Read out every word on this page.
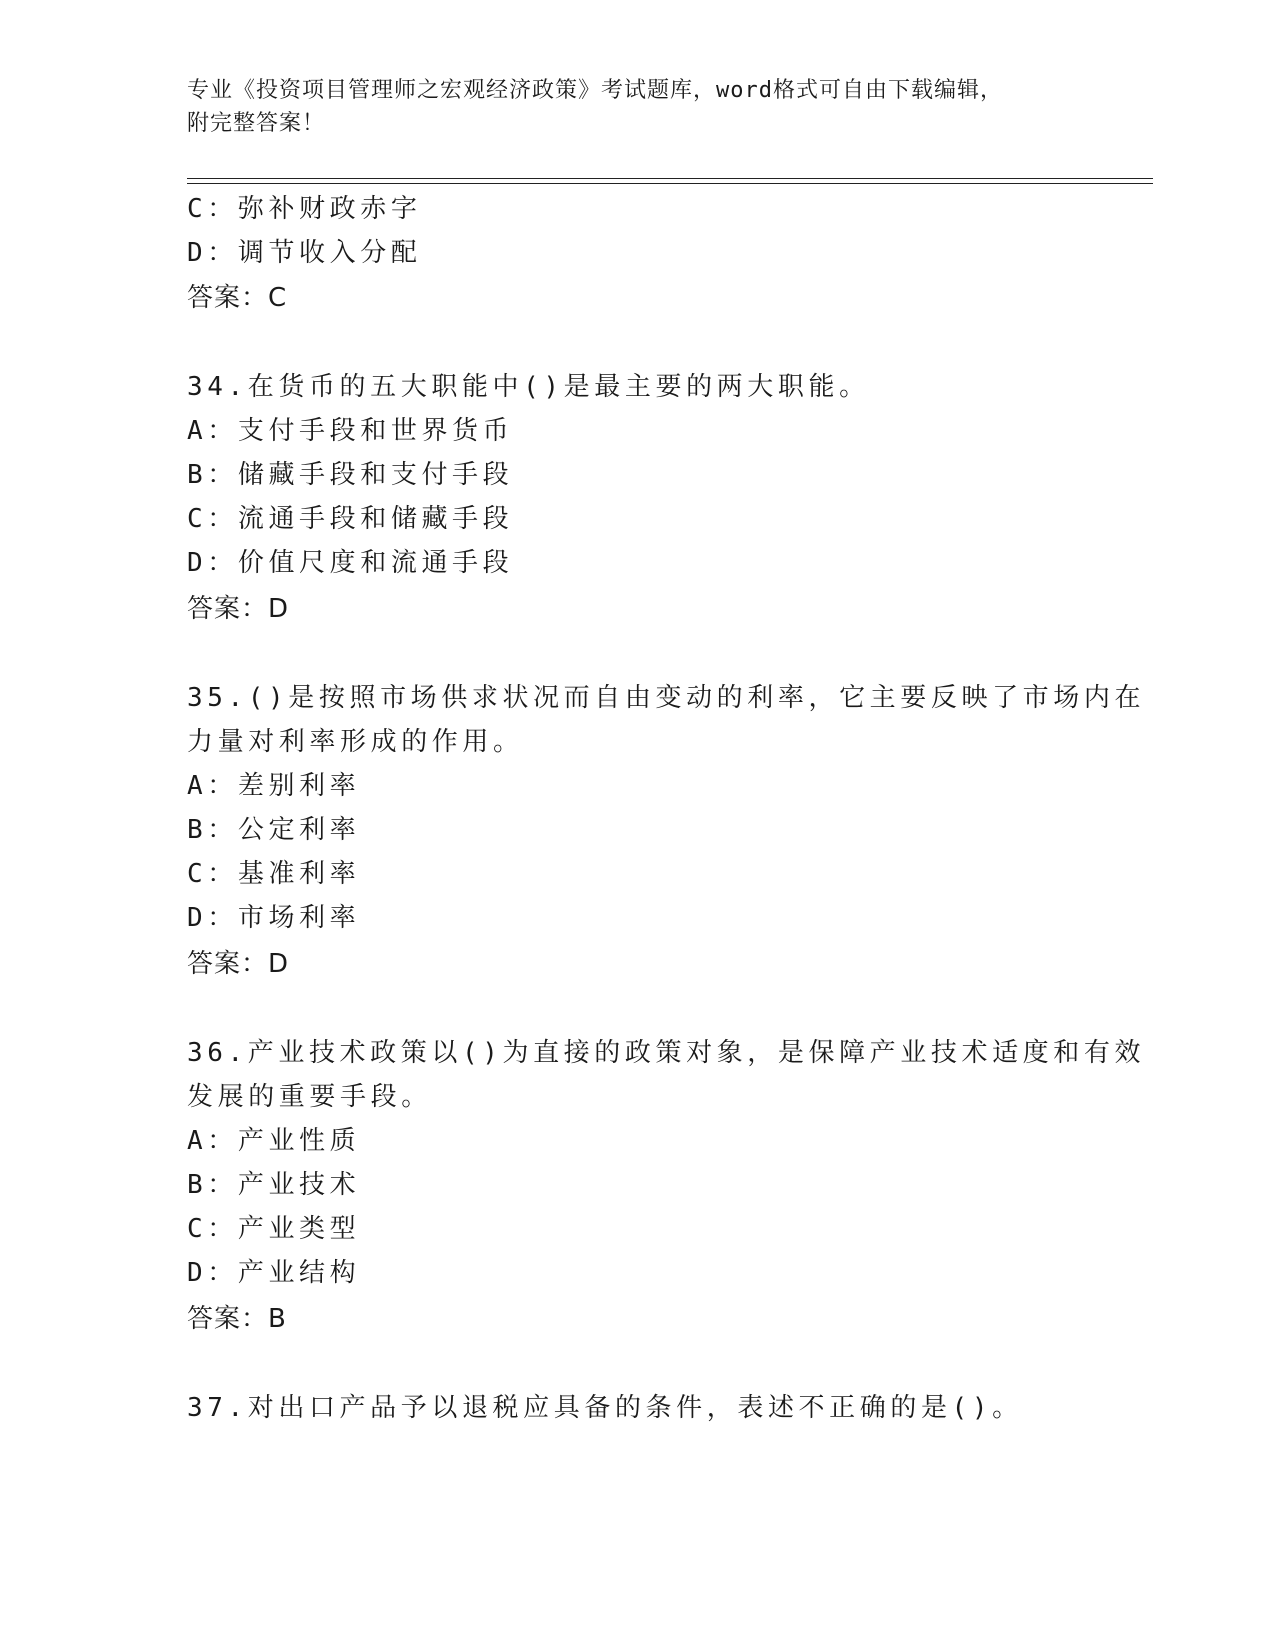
专业《投资项目管理师之宏观经济政策》考试题库，word格式可自由下载编辑，
附完整答案！
C：弥补财政赤字
D：调节收入分配
答案：C
34.在货币的五大职能中()是最主要的两大职能。
A：支付手段和世界货币
B：储藏手段和支付手段
C：流通手段和储藏手段
D：价值尺度和流通手段
答案：D
35.()是按照市场供求状况而自由变动的利率，它主要反映了市场内在
力量对利率形成的作用。
A：差别利率
B：公定利率
C：基准利率
D：市场利率
答案：D
36.产业技术政策以()为直接的政策对象，是保障产业技术适度和有效
发展的重要手段。
A：产业性质
B：产业技术
C：产业类型
D：产业结构
答案：B
37.对出口产品予以退税应具备的条件，表述不正确的是()。
